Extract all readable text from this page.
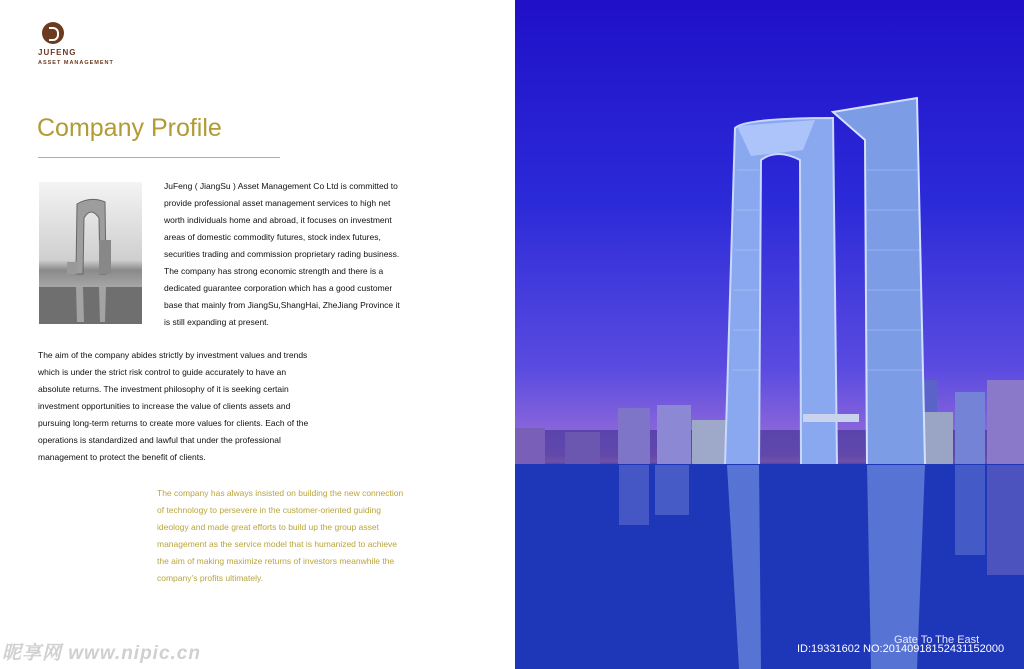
JUFENG
ASSET MANAGEMENT
Company Profile
JuFeng ( JiangSu ) Asset Management Co Ltd is committed to provide professional asset management services to high net worth individuals home and abroad, it focuses on investment areas of domestic commodity futures, stock index futures, securities trading and commission proprietary rading business. The company has strong economic strength and there is a dedicated guarantee corporation which has a good customer base that mainly from JiangSu,ShangHai, ZheJiang Province it is still expanding at present.
The aim of the company abides strictly by investment values and trends which is under the strict risk control to guide accurately to have an absolute returns. The investment philosophy of it is seeking certain investment opportunities to increase the value of clients assets and pursuing long-term returns to create more values for clients. Each of the operations is standardized and lawful that under the professional management to protect the benefit of clients.
The company has always insisted on building the new connection of technology to persevere in the customer-oriented guiding ideology and made great efforts to build up the group asset management as the service model that is humanized to achieve the aim of making maximize returns of investors meanwhile the company’s profits ultimately.
昵享网 www.nipic.cn
Gate To The East
ID:19331602 NO:20140918152431152000
